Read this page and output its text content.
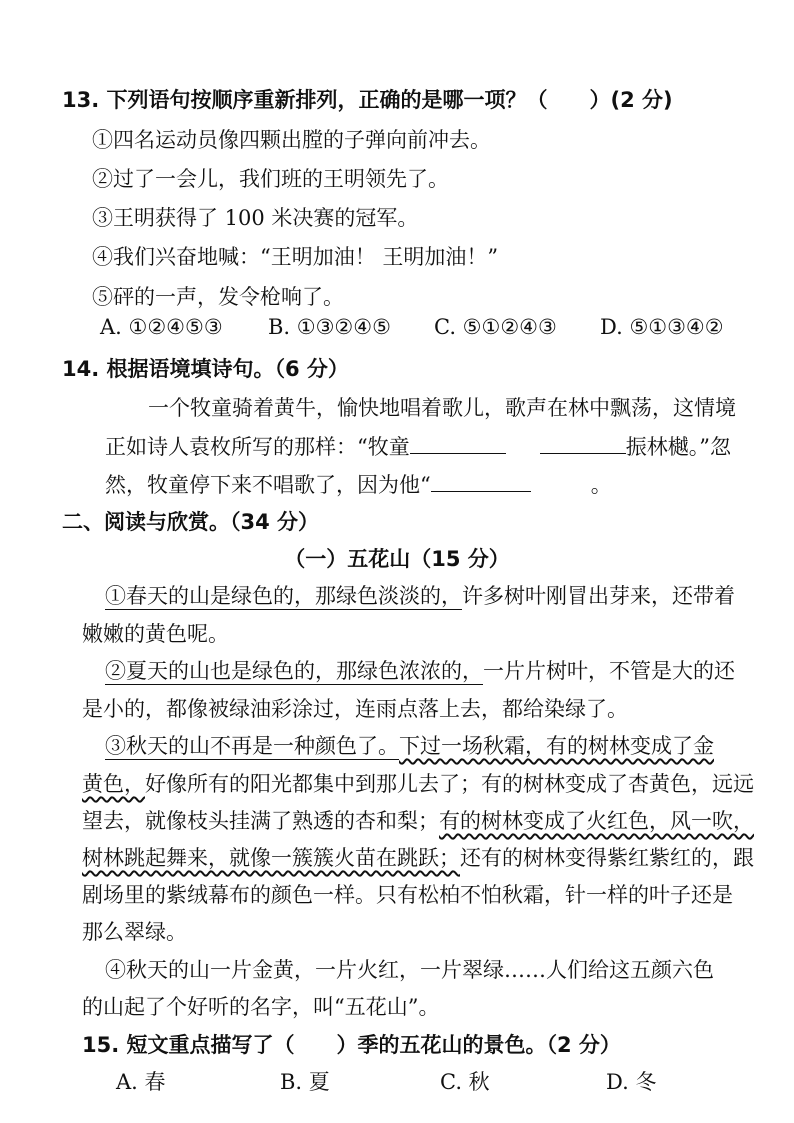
13. 下列语句按顺序重新排列，正确的是哪一项？（　　）(2 分)
①四名运动员像四颗出膛的子弹向前冲去。
②过了一会儿，我们班的王明领先了。
③王明获得了 100 米决赛的冠军。
④我们兴奋地喊：“王明加油！ 王明加油！”
⑤砰的一声，发令枪响了。
A. ①②④⑤③ B. ①③②④⑤ C. ⑤①②④③ D. ⑤①③④②
14. 根据语境填诗句。（6 分）
一个牧童骑着黄牛，愉快地唱着歌儿，歌声在林中飘荡，这情境
正如诗人袁枚所写的那样：“牧童	振林樾。”忽
然，牧童停下来不唱歌了，因为他“	。
二、阅读与欣赏。（34 分）
（一）五花山（15 分）
①春天的山是绿色的，那绿色淡淡的，许多树叶刚冒出芽来，还带着
嫩嫩的黄色呢。
②夏天的山也是绿色的，那绿色浓浓的，一片片树叶，不管是大的还
是小的，都像被绿油彩涂过，连雨点落上去，都给染绿了。
③秋天的山不再是一种颜色了。下过一场秋霜，有的树林变成了金
黄色，好像所有的阳光都集中到那儿去了；有的树林变成了杏黄色，远远
望去，就像枝头挂满了熟透的杏和梨；有的树林变成了火红色，风一吹，
树林跳起舞来，就像一簇簇火苗在跳跃；还有的树林变得紫红紫红的，跟
剧场里的紫绒幕布的颜色一样。只有松柏不怕秋霜，针一样的叶子还是
那么翠绿。
④秋天的山一片金黄，一片火红，一片翠绿……人们给这五颜六色
的山起了个好听的名字，叫“五花山”。
15. 短文重点描写了（　　）季的五花山的景色。（2 分）
A. 春	B. 夏	C. 秋	D. 冬
